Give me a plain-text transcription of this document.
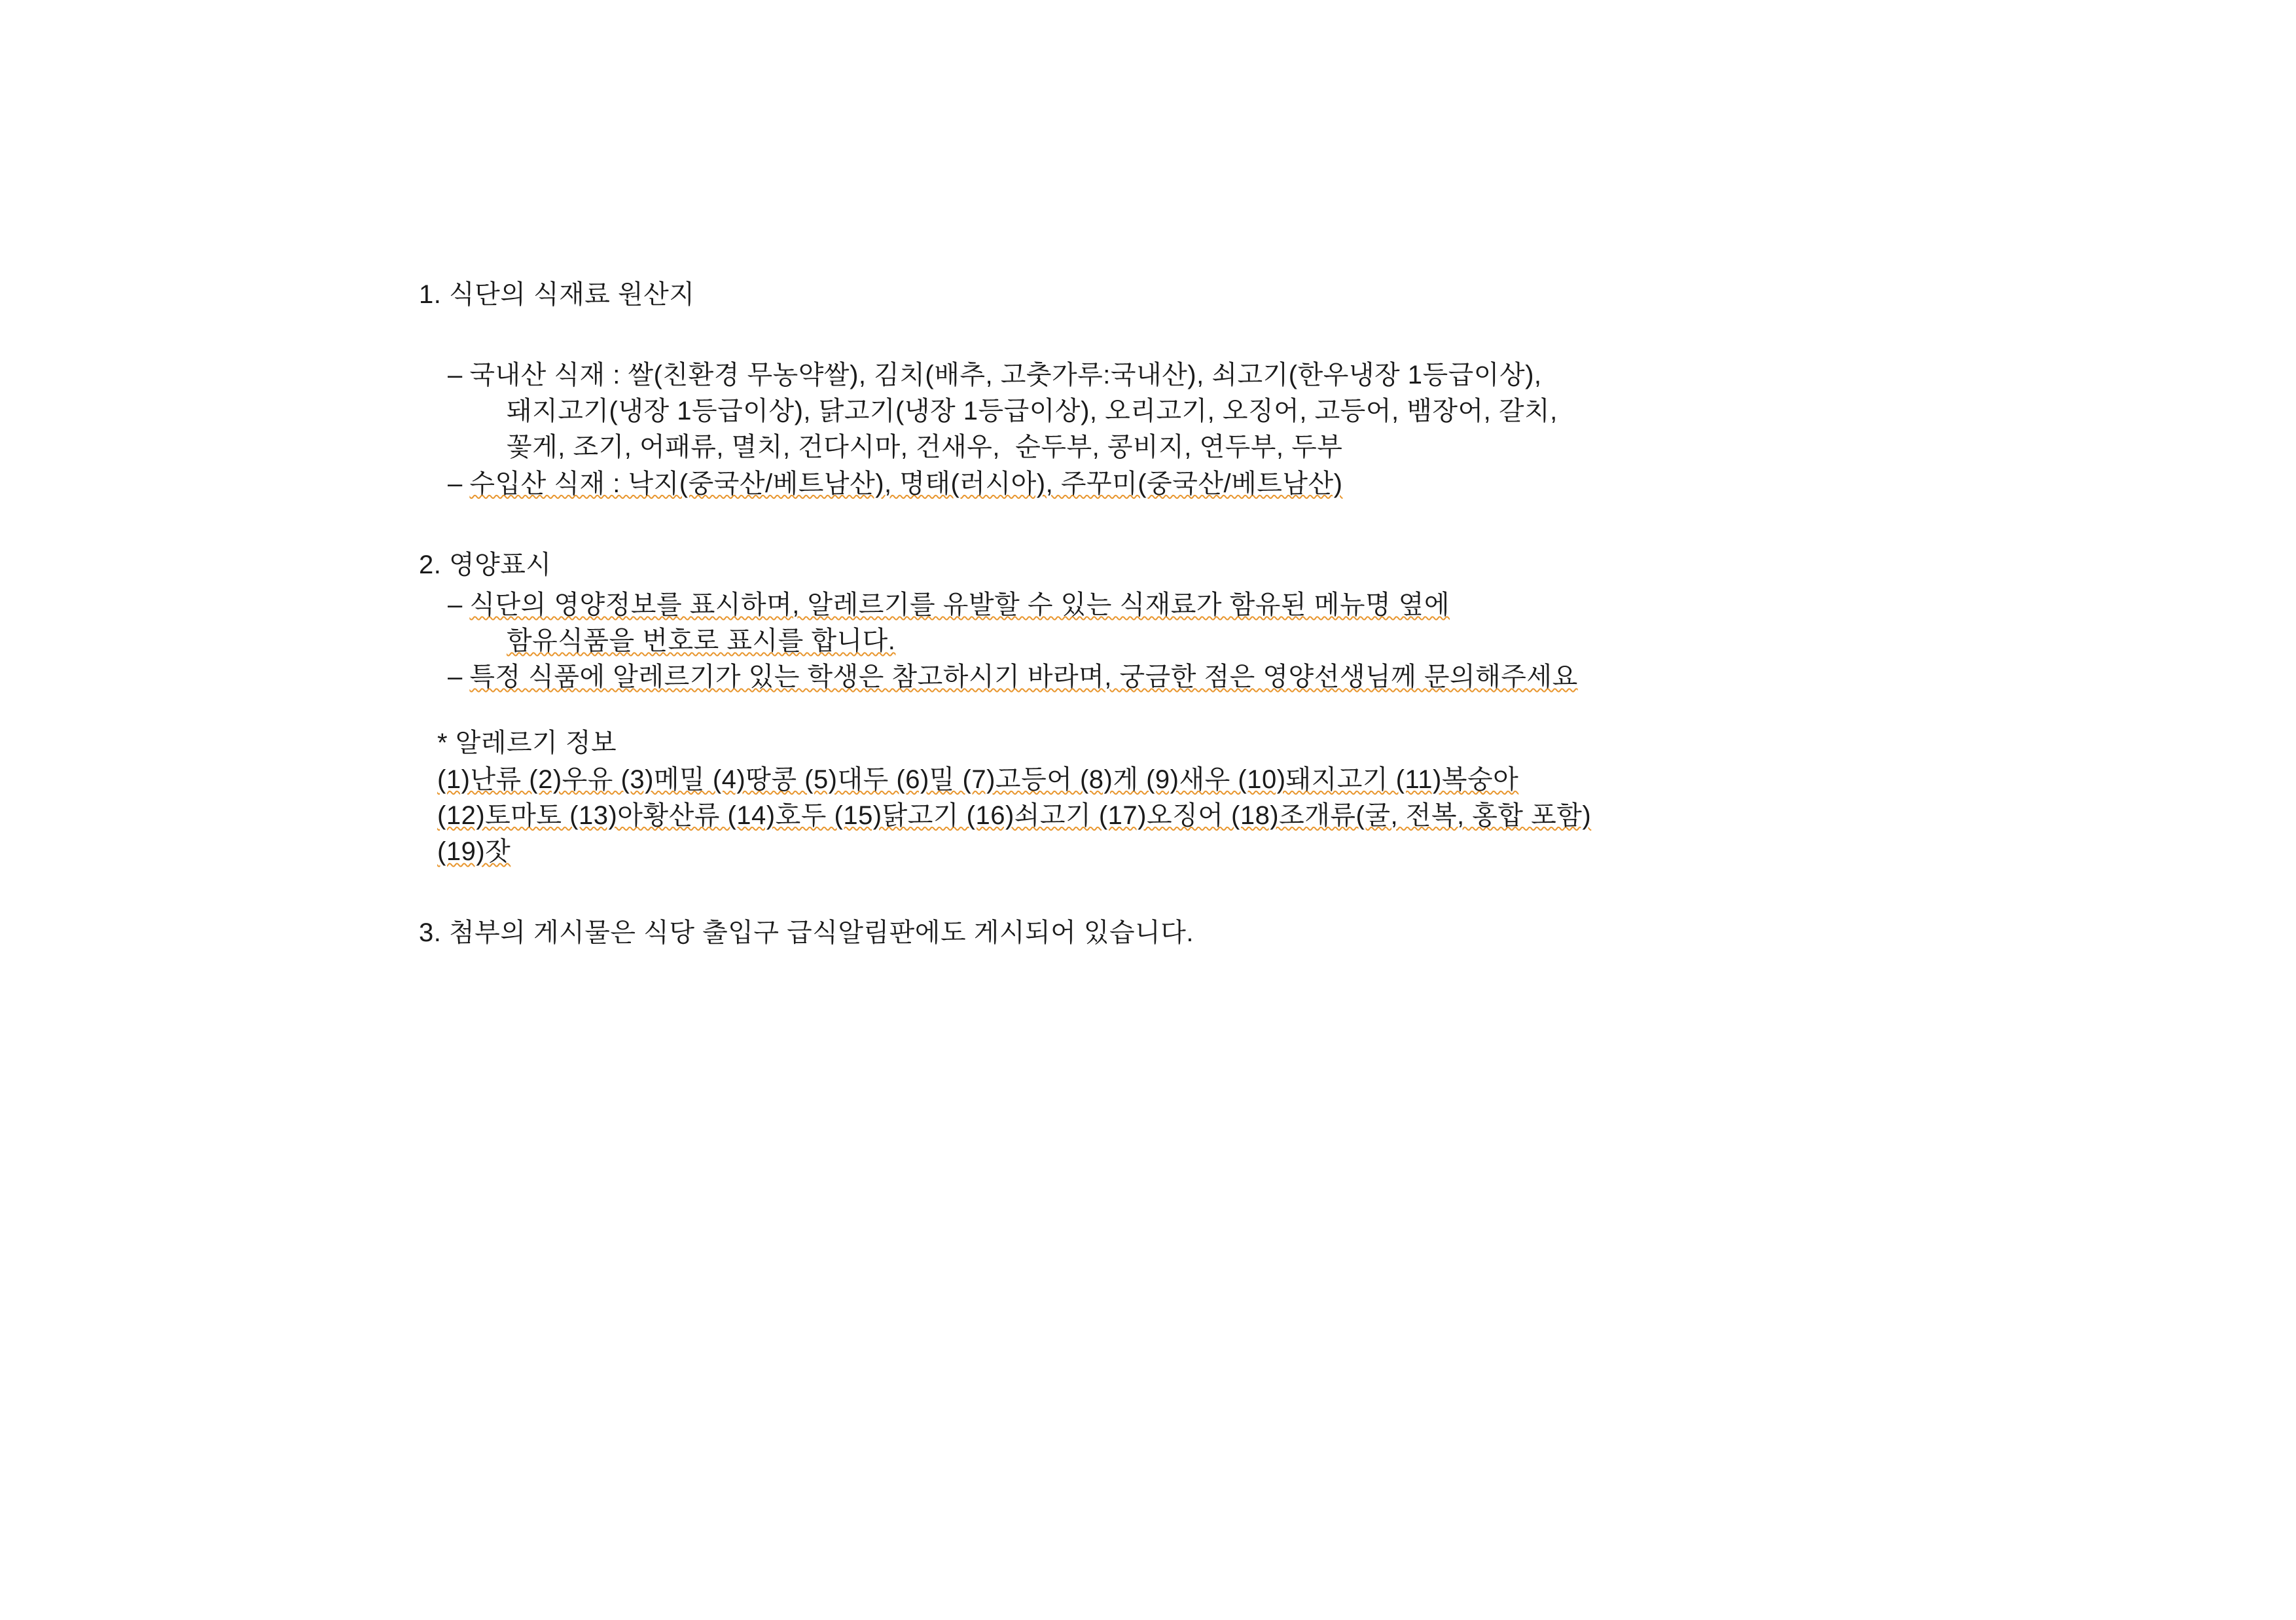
1. 식단의 식재료 원산지
– 국내산 식재 : 쌀(친환경 무농약쌀), 김치(배추, 고춧가루:국내산), 쇠고기(한우냉장 1등급이상),
돼지고기(냉장 1등급이상), 닭고기(냉장 1등급이상), 오리고기, 오징어, 고등어, 뱀장어, 갈치,
꽃게, 조기, 어패류, 멸치, 건다시마, 건새우,  순두부, 콩비지, 연두부, 두부
– 수입산 식재 : 낙지(중국산/베트남산), 명태(러시아), 주꾸미(중국산/베트남산)
2. 영양표시
– 식단의 영양정보를 표시하며, 알레르기를 유발할 수 있는 식재료가 함유된 메뉴명 옆에
함유식품을 번호로 표시를 합니다.
– 특정 식품에 알레르기가 있는 학생은 참고하시기 바라며, 궁금한 점은 영양선생님께 문의해주세요
* 알레르기 정보
(1)난류 (2)우유 (3)메밀 (4)땅콩 (5)대두 (6)밀 (7)고등어 (8)게 (9)새우 (10)돼지고기 (11)복숭아
(12)토마토 (13)아황산류 (14)호두 (15)닭고기 (16)쇠고기 (17)오징어 (18)조개류(굴, 전복, 홍합 포함)
(19)잣
3. 첨부의 게시물은 식당 출입구 급식알림판에도 게시되어 있습니다.
